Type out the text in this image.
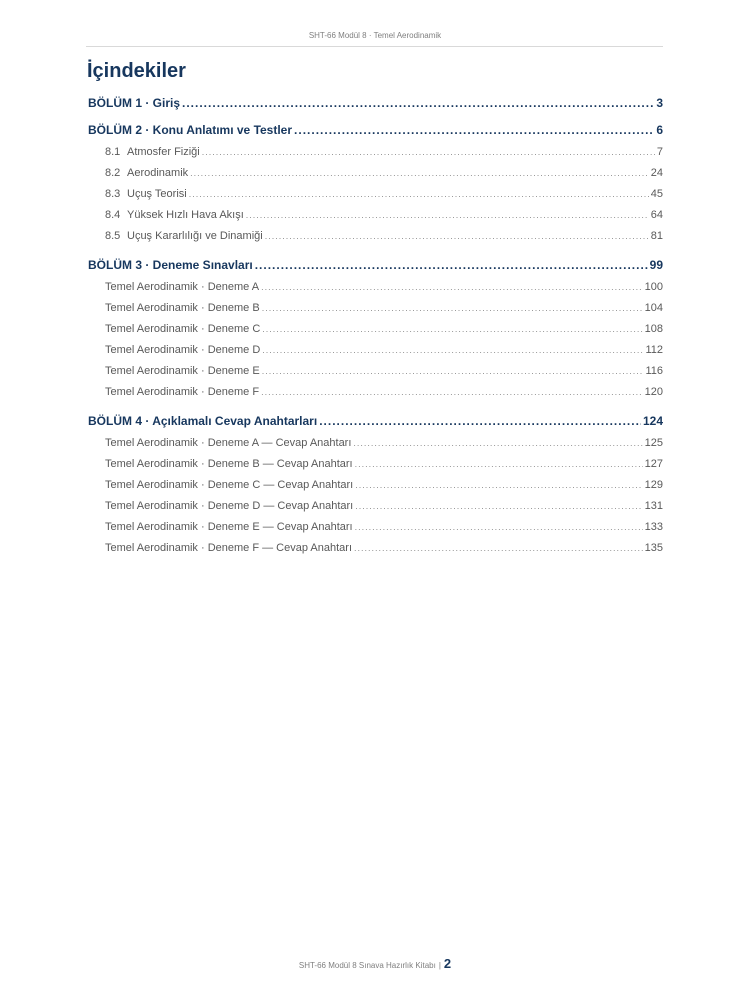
SHT-66 Modül 8 · Temel Aerodinamik
İçindekiler
BÖLÜM 1 · Giriş .....	3
BÖLÜM 2 · Konu Anlatımı ve Testler .....	6
8.1 Atmosfer Fiziği .....	7
8.2 Aerodinamik .....	24
8.3 Uçuş Teorisi .....	45
8.4 Yüksek Hızlı Hava Akışı .....	64
8.5 Uçuş Kararlılığı ve Dinamiği .....	81
BÖLÜM 3 · Deneme Sınavları .....	99
Temel Aerodinamik · Deneme A .....	100
Temel Aerodinamik · Deneme B .....	104
Temel Aerodinamik · Deneme C .....	108
Temel Aerodinamik · Deneme D .....	112
Temel Aerodinamik · Deneme E .....	116
Temel Aerodinamik · Deneme F .....	120
BÖLÜM 4 · Açıklamalı Cevap Anahtarları .....	124
Temel Aerodinamik · Deneme A — Cevap Anahtarı .....	125
Temel Aerodinamik · Deneme B — Cevap Anahtarı .....	127
Temel Aerodinamik · Deneme C — Cevap Anahtarı .....	129
Temel Aerodinamik · Deneme D — Cevap Anahtarı .....	131
Temel Aerodinamik · Deneme E — Cevap Anahtarı .....	133
Temel Aerodinamik · Deneme F — Cevap Anahtarı .....	135
SHT-66 Modül 8 Sınava Hazırlık Kitabı | 2
